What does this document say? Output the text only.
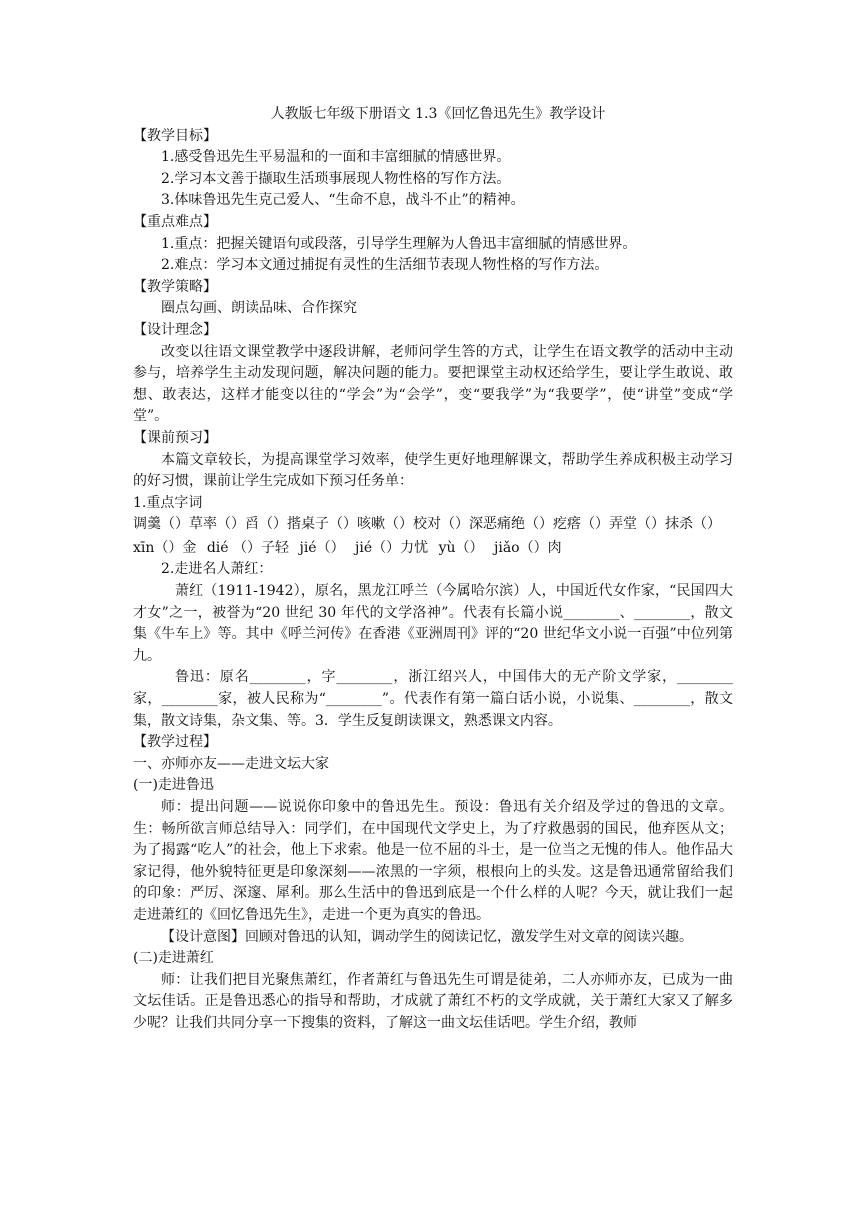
人教版七年级下册语文 1.3《回忆鲁迅先生》教学设计

【教学目标】

1.感受鲁迅先生平易温和的一面和丰富细腻的情感世界。

2.学习本文善于撷取生活琐事展现人物性格的写作方法。

3.体味鲁迅先生克己爱人、“生命不息，战斗不止”的精神。

【重点难点】

1.重点：把握关键语句或段落，引导学生理解为人鲁迅丰富细腻的情感世界。

2.难点：学习本文通过捕捉有灵性的生活细节表现人物性格的写作方法。

【教学策略】

圈点勾画、朗读品味、合作探究

【设计理念】

改变以往语文课堂教学中逐段讲解，老师问学生答的方式，让学生在语文教学的活动中主动参与，培养学生主动发现问题，解决问题的能力。要把课堂主动权还给学生，要让学生敢说、敢想、敢表达，这样才能变以往的“学会”为“会学”，变“要我学”为“我要学”，使“讲堂”变成“学堂”。

【课前预习】

本篇文章较长，为提高课堂学习效率，使学生更好地理解课文，帮助学生养成积极主动学习的好习惯，课前让学生完成如下预习任务单：

1.重点字词

调羹（）草率（）舀（）揩桌子（）咳嗽（）校对（）深恶痛绝（）疙瘩（）弄堂（）抹杀（）

xīn（）金 dié （）子轻 jié（） jié（）力忧 yù（） jiǎo（）肉

2.走进名人萧红：

萧红（1911-1942），原名，黑龙江呼兰（今属哈尔滨）人，中国近代女作家，“民国四大才女”之一，被誉为“20 世纪 30 年代的文学洛神”。代表有长篇小说________、________，散文集《牛车上》等。其中《呼兰河传》在香港《亚洲周刊》评的“20 世纪华文小说一百强”中位列第九。

鲁迅：原名________，字________，浙江绍兴人，中国伟大的无产阶文学家，________家，________家，被人民称为“________”。代表作有第一篇白话小说，小说集、________，散文集，散文诗集，杂文集、等。3．学生反复朗读课文，熟悉课文内容。

【教学过程】

一、亦师亦友——走进文坛大家

(一)走进鲁迅

师：提出问题——说说你印象中的鲁迅先生。预设：鲁迅有关介绍及学过的鲁迅的文章。生：畅所欲言师总结导入：同学们，在中国现代文学史上，为了疗救愚弱的国民，他弃医从文；为了揭露“吃人”的社会，他上下求索。他是一位不屈的斗士，是一位当之无愧的伟人。他作品大家记得，他外貌特征更是印象深刻——浓黑的一字须，根根向上的头发。这是鲁迅通常留给我们的印象：严厉、深邃、犀利。那么生活中的鲁迅到底是一个什么样的人呢？今天，就让我们一起走进萧红的《回忆鲁迅先生》，走进一个更为真实的鲁迅。

【设计意图】回顾对鲁迅的认知，调动学生的阅读记忆，激发学生对文章的阅读兴趣。

(二)走进萧红

师：让我们把目光聚焦萧红，作者萧红与鲁迅先生可谓是徒弟，二人亦师亦友，已成为一曲文坛佳话。正是鲁迅悉心的指导和帮助，才成就了萧红不朽的文学成就，关于萧红大家又了解多少呢？让我们共同分享一下搜集的资料，了解这一曲文坛佳话吧。学生介绍，教师
